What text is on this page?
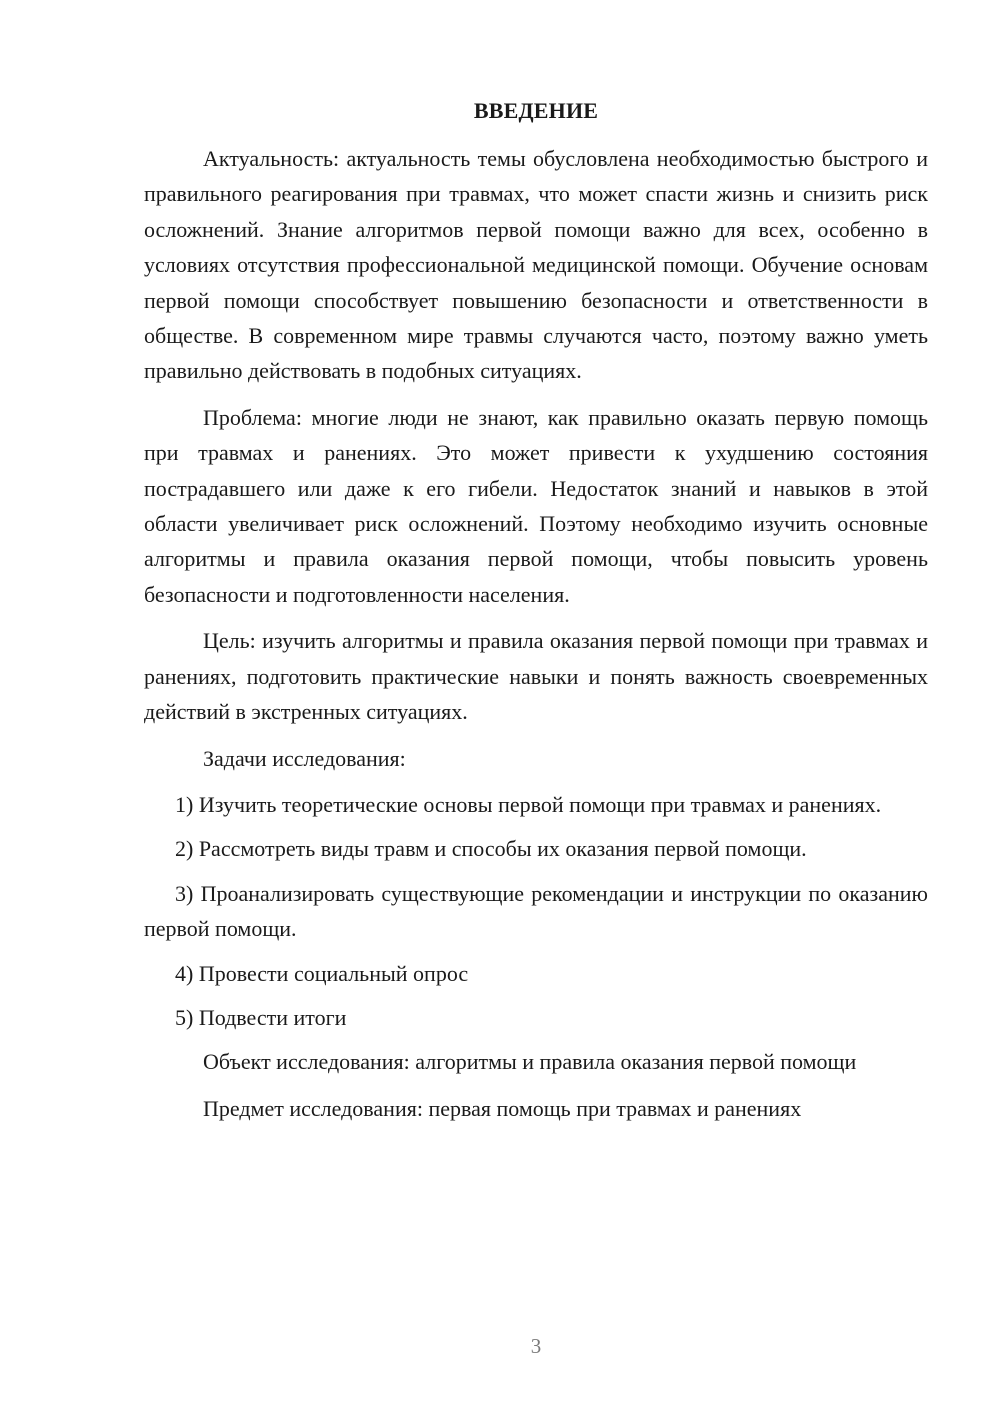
ВВЕДЕНИЕ

Актуальность: актуальность темы обусловлена необходимостью быстрого и правильного реагирования при травмах, что может спасти жизнь и снизить риск осложнений. Знание алгоритмов первой помощи важно для всех, особенно в условиях отсутствия профессиональной медицинской помощи. Обучение основам первой помощи способствует повышению безопасности и ответственности в обществе. В современном мире травмы случаются часто, поэтому важно уметь правильно действовать в подобных ситуациях.

Проблема: многие люди не знают, как правильно оказать первую помощь при травмах и ранениях. Это может привести к ухудшению состояния пострадавшего или даже к его гибели. Недостаток знаний и навыков в этой области увеличивает риск осложнений. Поэтому необходимо изучить основные алгоритмы и правила оказания первой помощи, чтобы повысить уровень безопасности и подготовленности населения.

Цель: изучить алгоритмы и правила оказания первой помощи при травмах и ранениях, подготовить практические навыки и понять важность своевременных действий в экстренных ситуациях.

Задачи исследования:

1) Изучить теоретические основы первой помощи при травмах и ранениях.

2) Рассмотреть виды травм и способы их оказания первой помощи.

3) Проанализировать существующие рекомендации и инструкции по оказанию первой помощи.

4) Провести социальный опрос

5) Подвести итоги

Объект исследования: алгоритмы и правила оказания первой помощи

Предмет исследования: первая помощь при травмах и ранениях

3
